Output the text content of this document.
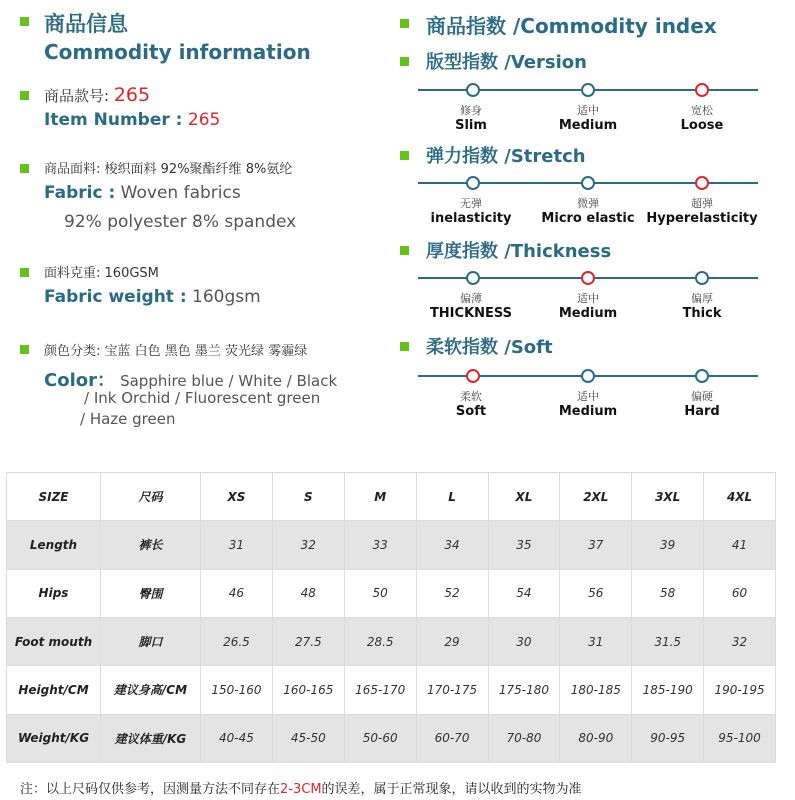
商品信息
Commodity information
商品款号: 265
Item Number : 265
商品面料: 梭织面料 92%聚酯纤维 8%氨纶
Fabric : Woven fabrics
92% polyester 8% spandex
面料克重: 160GSM
Fabric weight : 160gsm
颜色分类: 宝蓝 白色 黑色 墨兰 荧光绿 雾霾绿
Color： Sapphire blue / White / Black
/ Ink Orchid / Fluorescent green
/ Haze green
商品指数 /Commodity index
版型指数 /Version
修身
Slim
适中
Medium
宽松
Loose
弹力指数 /Stretch
无弹
inelasticity
微弹
Micro elastic
超弹
Hyperelasticity
厚度指数 /Thickness
偏薄
THICKNESS
适中
Medium
偏厚
Thick
柔软指数 /Soft
柔软
Soft
适中
Medium
偏硬
Hard
SIZE	尺码	XS	S	M	L	XL	2XL	3XL	4XL
Length	裤长	31	32	33	34	35	37	39	41
Hips	臀围	46	48	50	52	54	56	58	60
Foot mouth	脚口	26.5	27.5	28.5	29	30	31	31.5	32
Height/CM	建议身高/CM	150-160	160-165	165-170	170-175	175-180	180-185	185-190	190-195
Weight/KG	建议体重/KG	40-45	45-50	50-60	60-70	70-80	80-90	90-95	95-100
注：以上尺码仅供参考，因测量方法不同存在2-3CM的误差，属于正常现象，请以收到的实物为准
